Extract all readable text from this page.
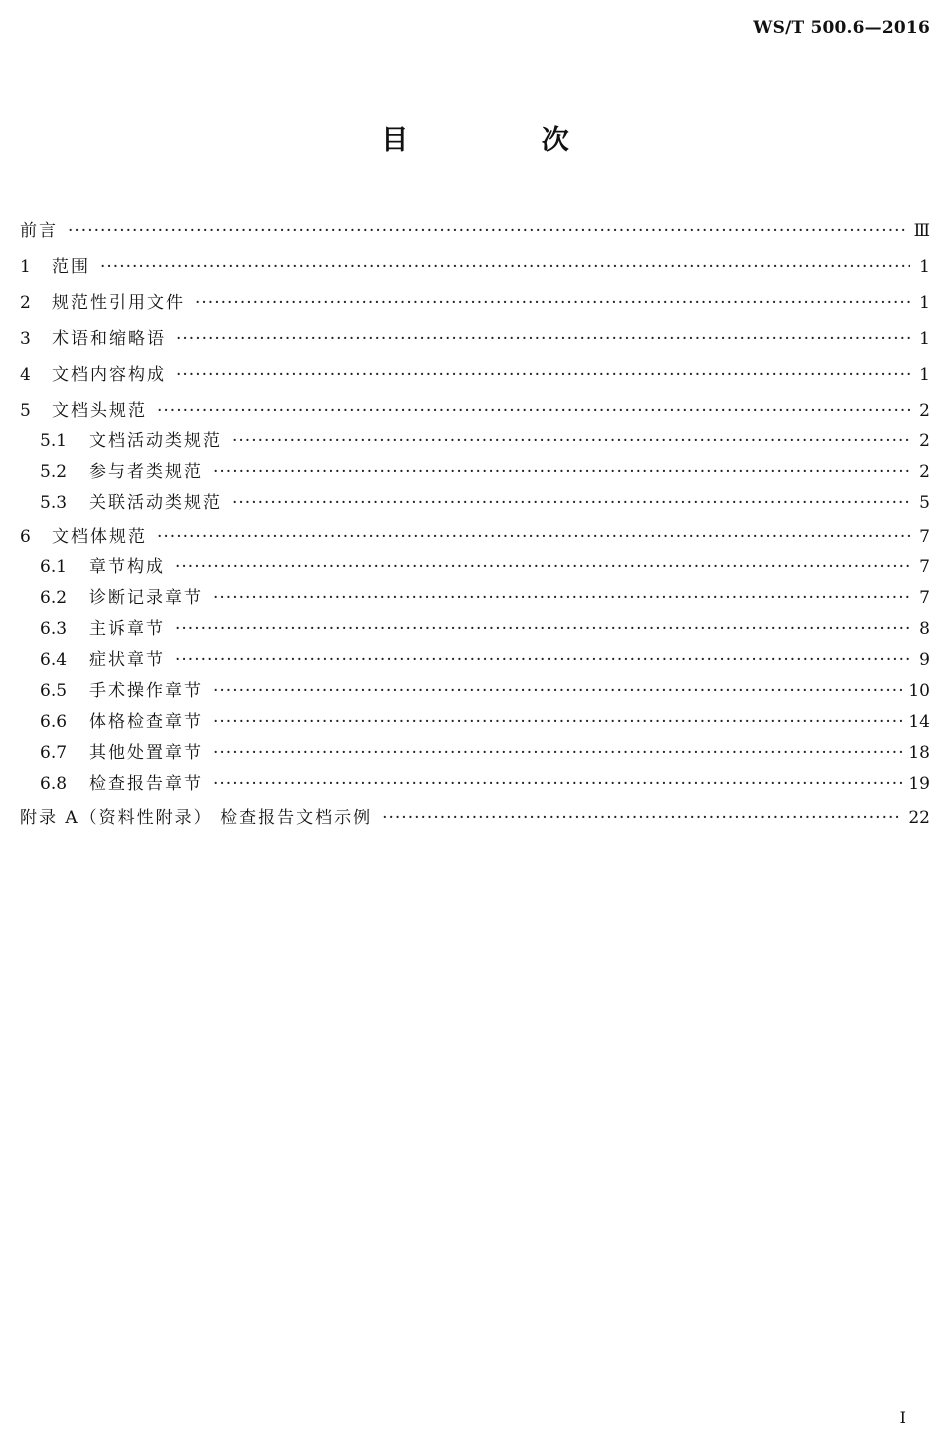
WS/T 500.6—2016
目 次
前言 ·····	Ⅲ
1	范围 ·····	1
2	规范性引用文件 ·····	1
3	术语和缩略语 ·····	1
4	文档内容构成 ·····	1
5	文档头规范 ·····	2
5.1	文档活动类规范 ·····	2
5.2	参与者类规范 ·····	2
5.3	关联活动类规范 ·····	5
6	文档体规范 ·····	7
6.1	章节构成 ·····	7
6.2	诊断记录章节 ·····	7
6.3	主诉章节 ·····	8
6.4	症状章节 ·····	9
6.5	手术操作章节 ·····	10
6.6	体格检查章节 ·····	14
6.7	其他处置章节 ·····	18
6.8	检查报告章节 ·····	19
附录 A（资料性附录） 检查报告文档示例 ·····	22
I
